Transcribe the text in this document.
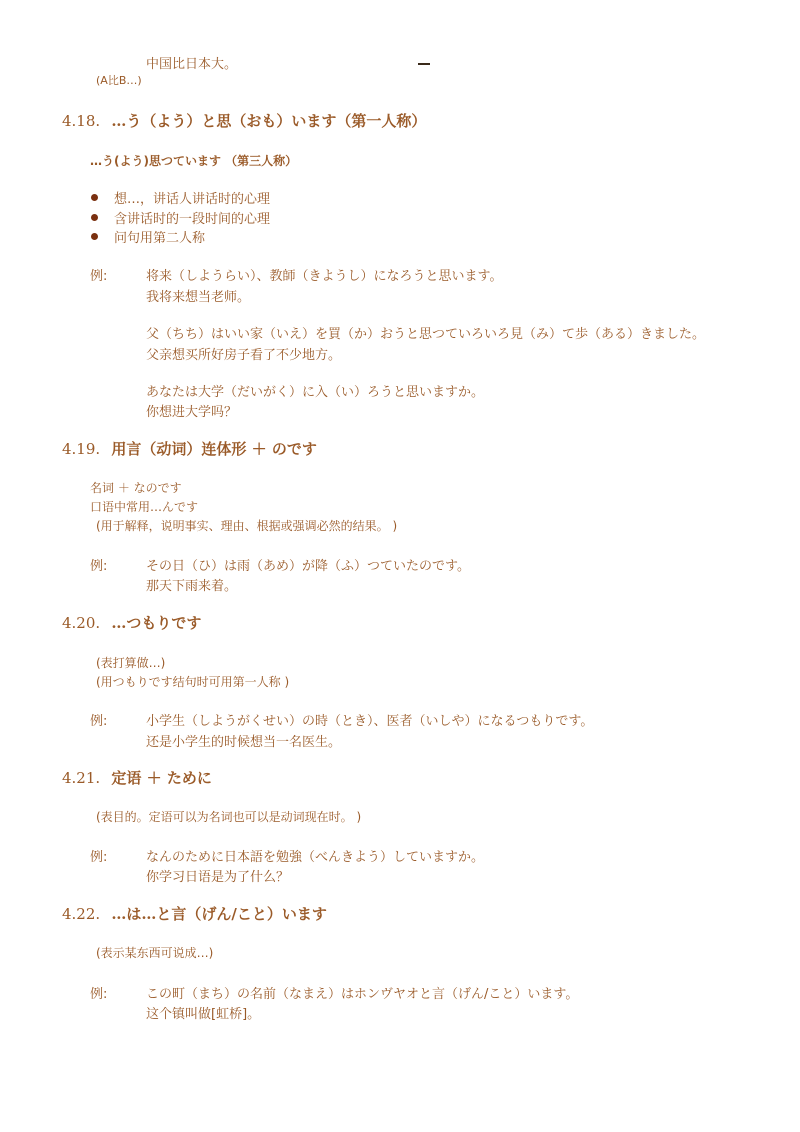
中国比日本大。
(A比B…)
4.18. …う（よう）と思（おも）います（第一人称）
…う(よう)思つています （第三人称）
想…，讲话人讲话时的心理
含讲话时的一段时间的心理
问句用第二人称
例:	将来（しようらい）、教師（きようし）になろうと思います。
我将来想当老师。
父（ちち）はいい家（いえ）を買（か）おうと思つていろいろ見（み）て歩（ある）きました。
父亲想买所好房子看了不少地方。
あなたは大学（だいがく）に入（い）ろうと思いますか。
你想进大学吗？
4.19. 用言（动词）连体形 ＋ のです
名词 ＋ なのです
口语中常用…んです
(用于解释，说明事实、理由、根据或强调必然的结果。 )
例:	その日（ひ）は雨（あめ）が降（ふ）つていたのです。
那天下雨来着。
4.20. …つもりです
(表打算做…)
(用つもりです结句时可用第一人称 )
例:	小学生（しようがくせい）の時（とき）、医者（いしや）になるつもりです。
还是小学生的时候想当一名医生。
4.21. 定语 ＋ ために
(表目的。定语可以为名词也可以是动词现在时。 )
例:	なんのために日本語を勉強（べんきよう）していますか。
你学习日语是为了什么？
4.22. …は…と言（げん/こと）います
(表示某东西可说成…)
例:	この町（まち）の名前（なまえ）はホンヴヤオと言（げん/こと）います。
这个镇叫做[虹桥]。
